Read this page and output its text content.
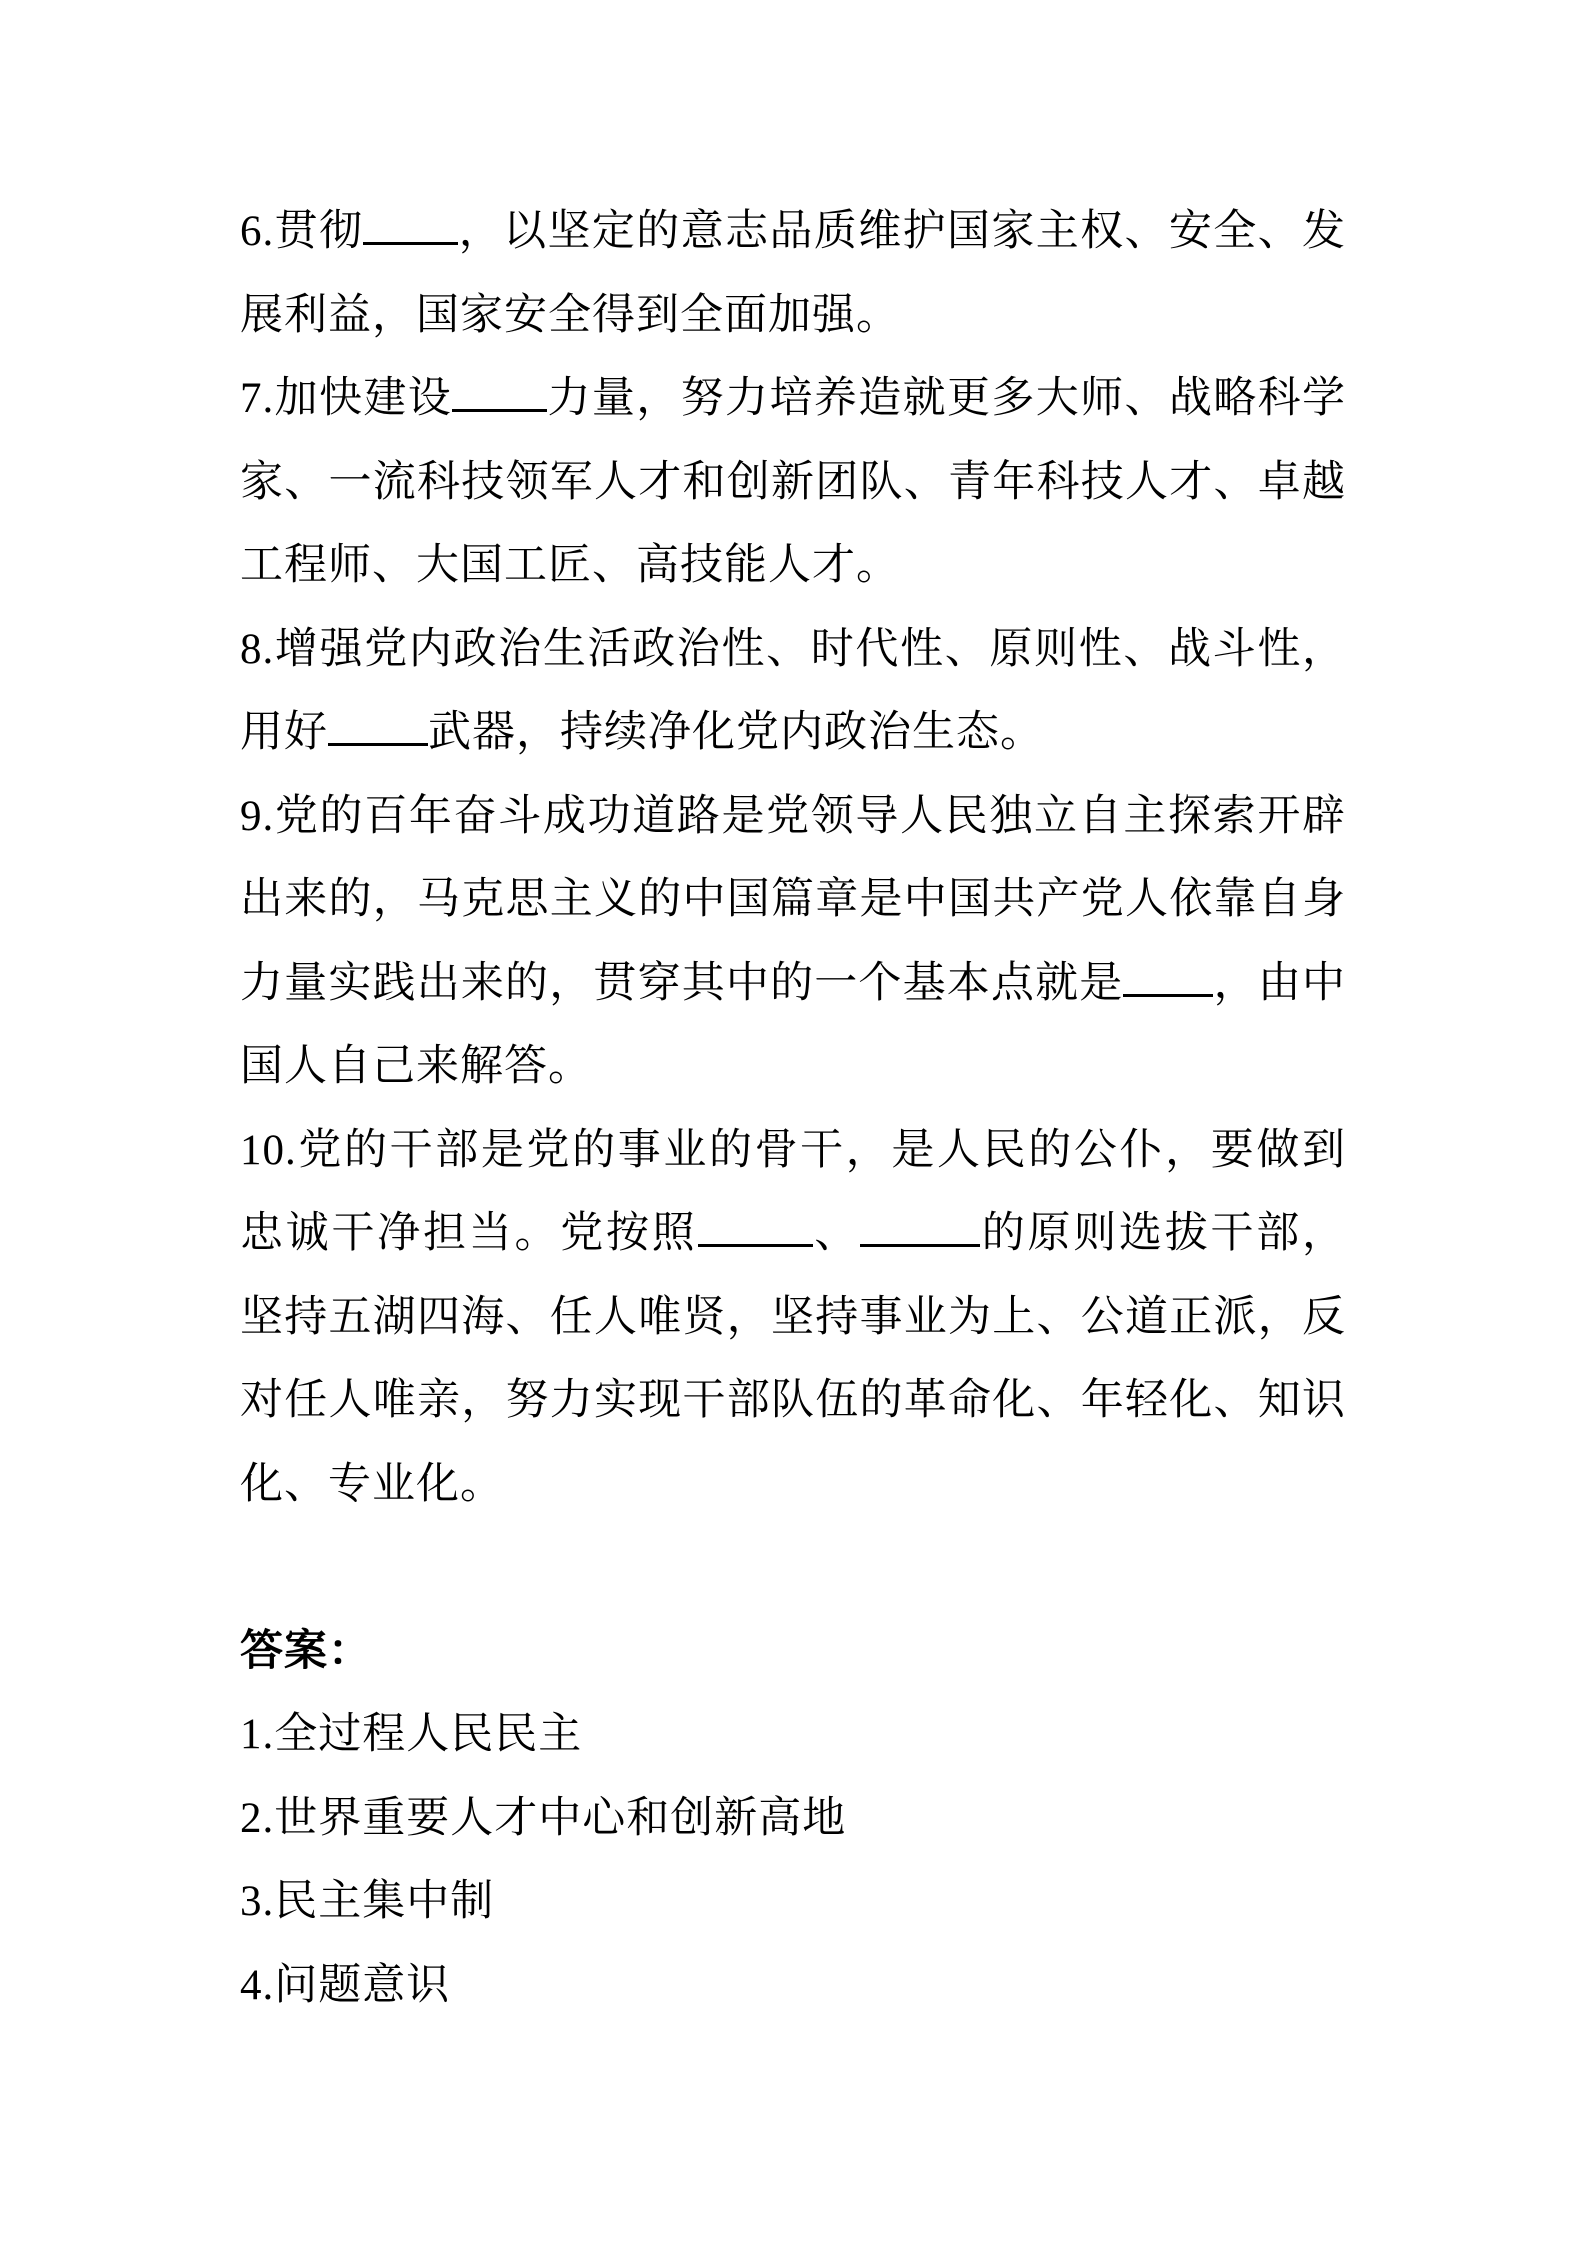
6.贯彻 ，以坚定的意志品质维护国家主权、安全、发展利益，国家安全得到全面加强。

7.加快建设 力量，努力培养造就更多大师、战略科学家、一流科技领军人才和创新团队、青年科技人才、卓越工程师、大国工匠、高技能人才。

8.增强党内政治生活政治性、时代性、原则性、战斗性，用好 武器，持续净化党内政治生态。

9.党的百年奋斗成功道路是党领导人民独立自主探索开辟出来的，马克思主义的中国篇章是中国共产党人依靠自身力量实践出来的，贯穿其中的一个基本点就是 ，由中国人自己来解答。

10.党的干部是党的事业的骨干，是人民的公仆，要做到忠诚干净担当。党按照	、	的原则选拔干部，坚持五湖四海、任人唯贤，坚持事业为上、公道正派，反对任人唯亲，努力实现干部队伍的革命化、年轻化、知识化、专业化。

答案：

1.全过程人民民主

2.世界重要人才中心和创新高地

3.民主集中制

4.问题意识
